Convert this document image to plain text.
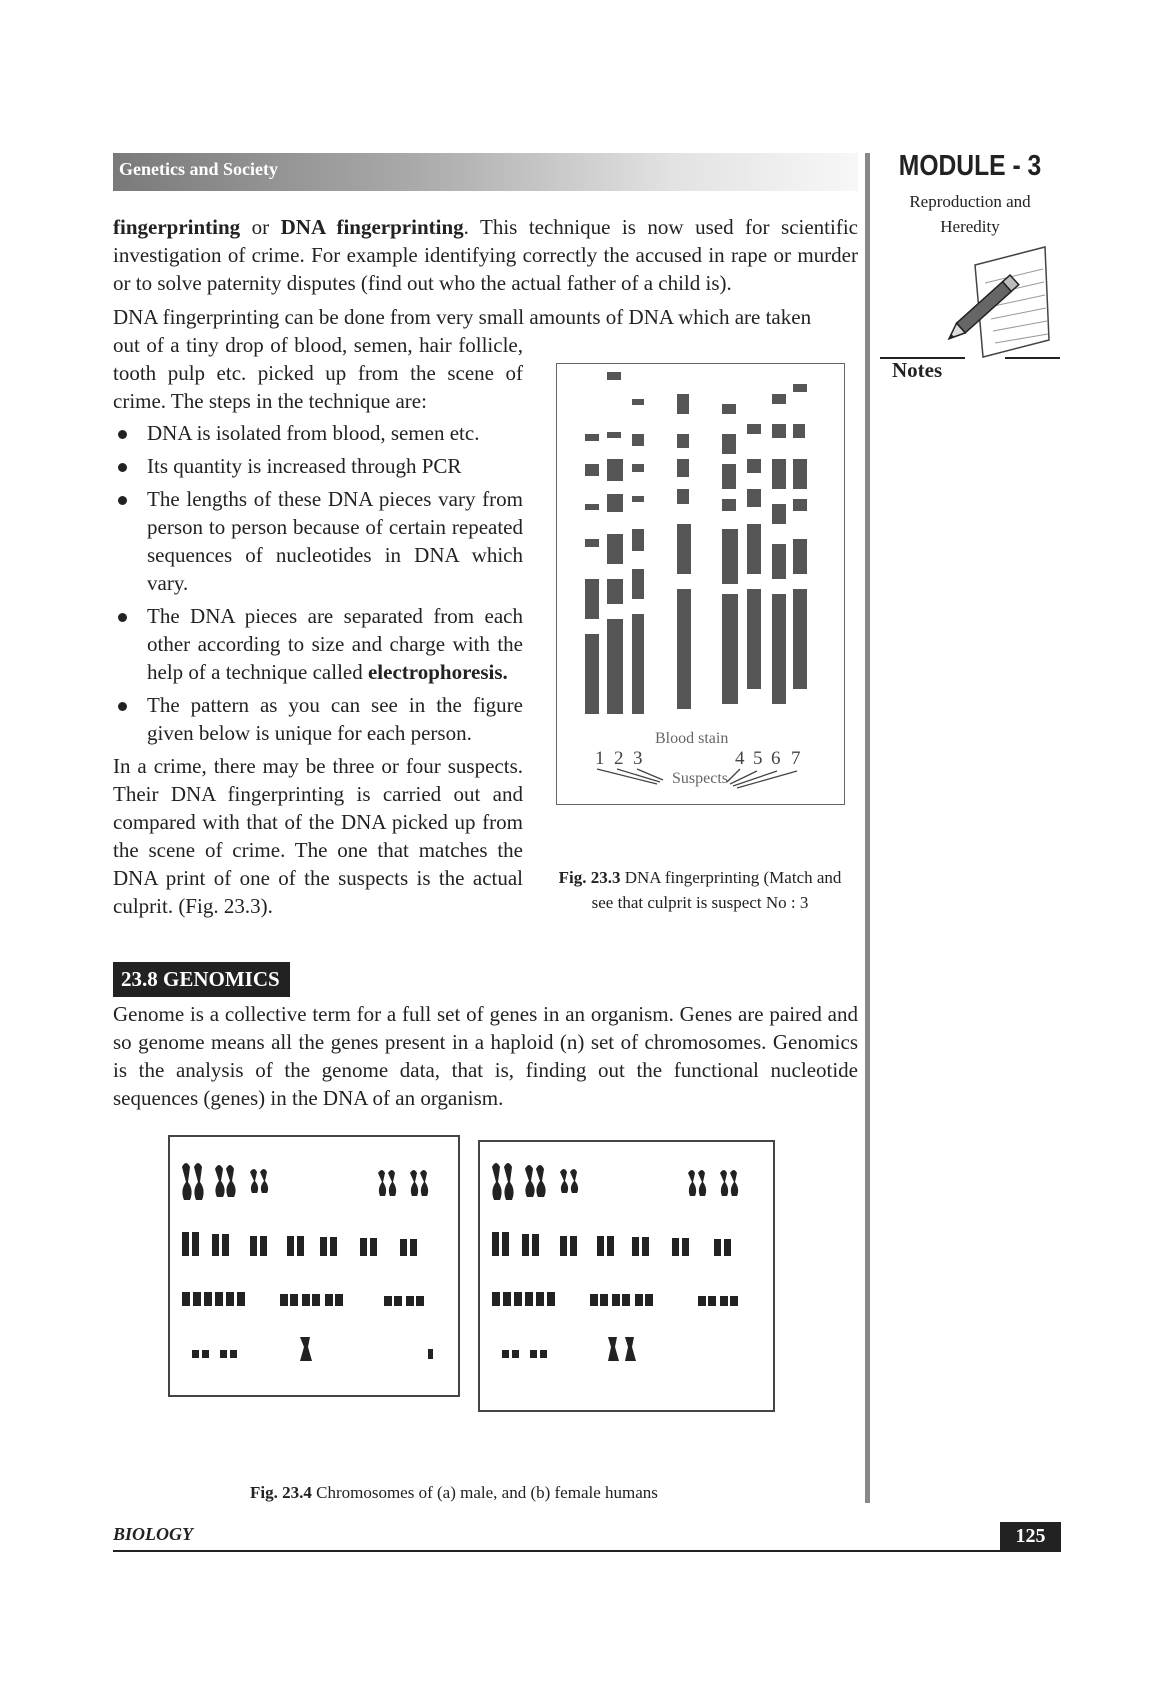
Genetics and Society	MODULE - 3
Reproduction and
Heredity
Notes

fingerprinting or DNA fingerprinting. This technique is now used for scientific investigation of crime. For example identifying correctly the accused in rape or murder or to solve paternity disputes (find out who the actual father of a child is).

DNA fingerprinting can be done from very small amounts of DNA which are taken

out of a tiny drop of blood, semen, hair follicle, tooth pulp etc. picked up from the scene of crime. The steps in the technique are:

DNA is isolated from blood, semen etc.
Its quantity is increased through PCR
The lengths of these DNA pieces vary from person to person because of certain repeated sequences of nucleotides in DNA which vary.
The DNA pieces are separated from each other according to size and charge with the help of a technique called electrophoresis.
The pattern as you can see in the figure given below is unique for each person.

In a crime, there may be three or four suspects. Their DNA fingerprinting is carried out and compared with that of the DNA picked up from the scene of crime. The one that matches the DNA print of one of the suspects is the actual culprit. (Fig. 23.3).

Blood stain
1 2 3	4 5 6 7
Suspects
Fig. 23.3 DNA fingerprinting (Match and
see that culprit is suspect No : 3
23.8 GENOMICS
Genome is a collective term for a full set of genes in an organism. Genes are paired and so genome means all the genes present in a haploid (n) set of chromosomes. Genomics is the analysis of the genome data, that is, finding out the functional nucleotide sequences (genes) in the DNA of an organism.
Fig. 23.4 Chromosomes of (a) male, and (b) female humans
BIOLOGY	125
